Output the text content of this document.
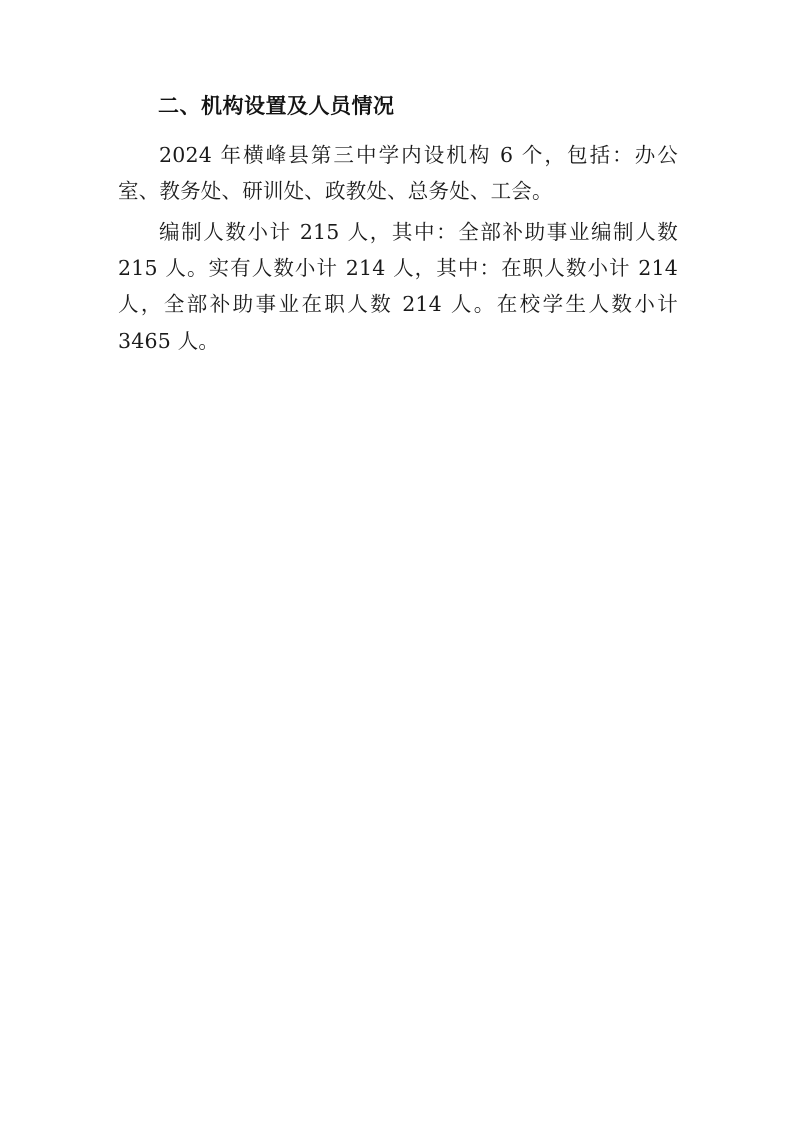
二、机构设置及人员情况

2024 年横峰县第三中学内设机构 6 个，包括：办公室、教务处、研训处、政教处、总务处、工会。

编制人数小计 215 人，其中：全部补助事业编制人数 215 人。实有人数小计 214 人，其中：在职人数小计 214 人，全部补助事业在职人数 214 人。在校学生人数小计 3465 人。
